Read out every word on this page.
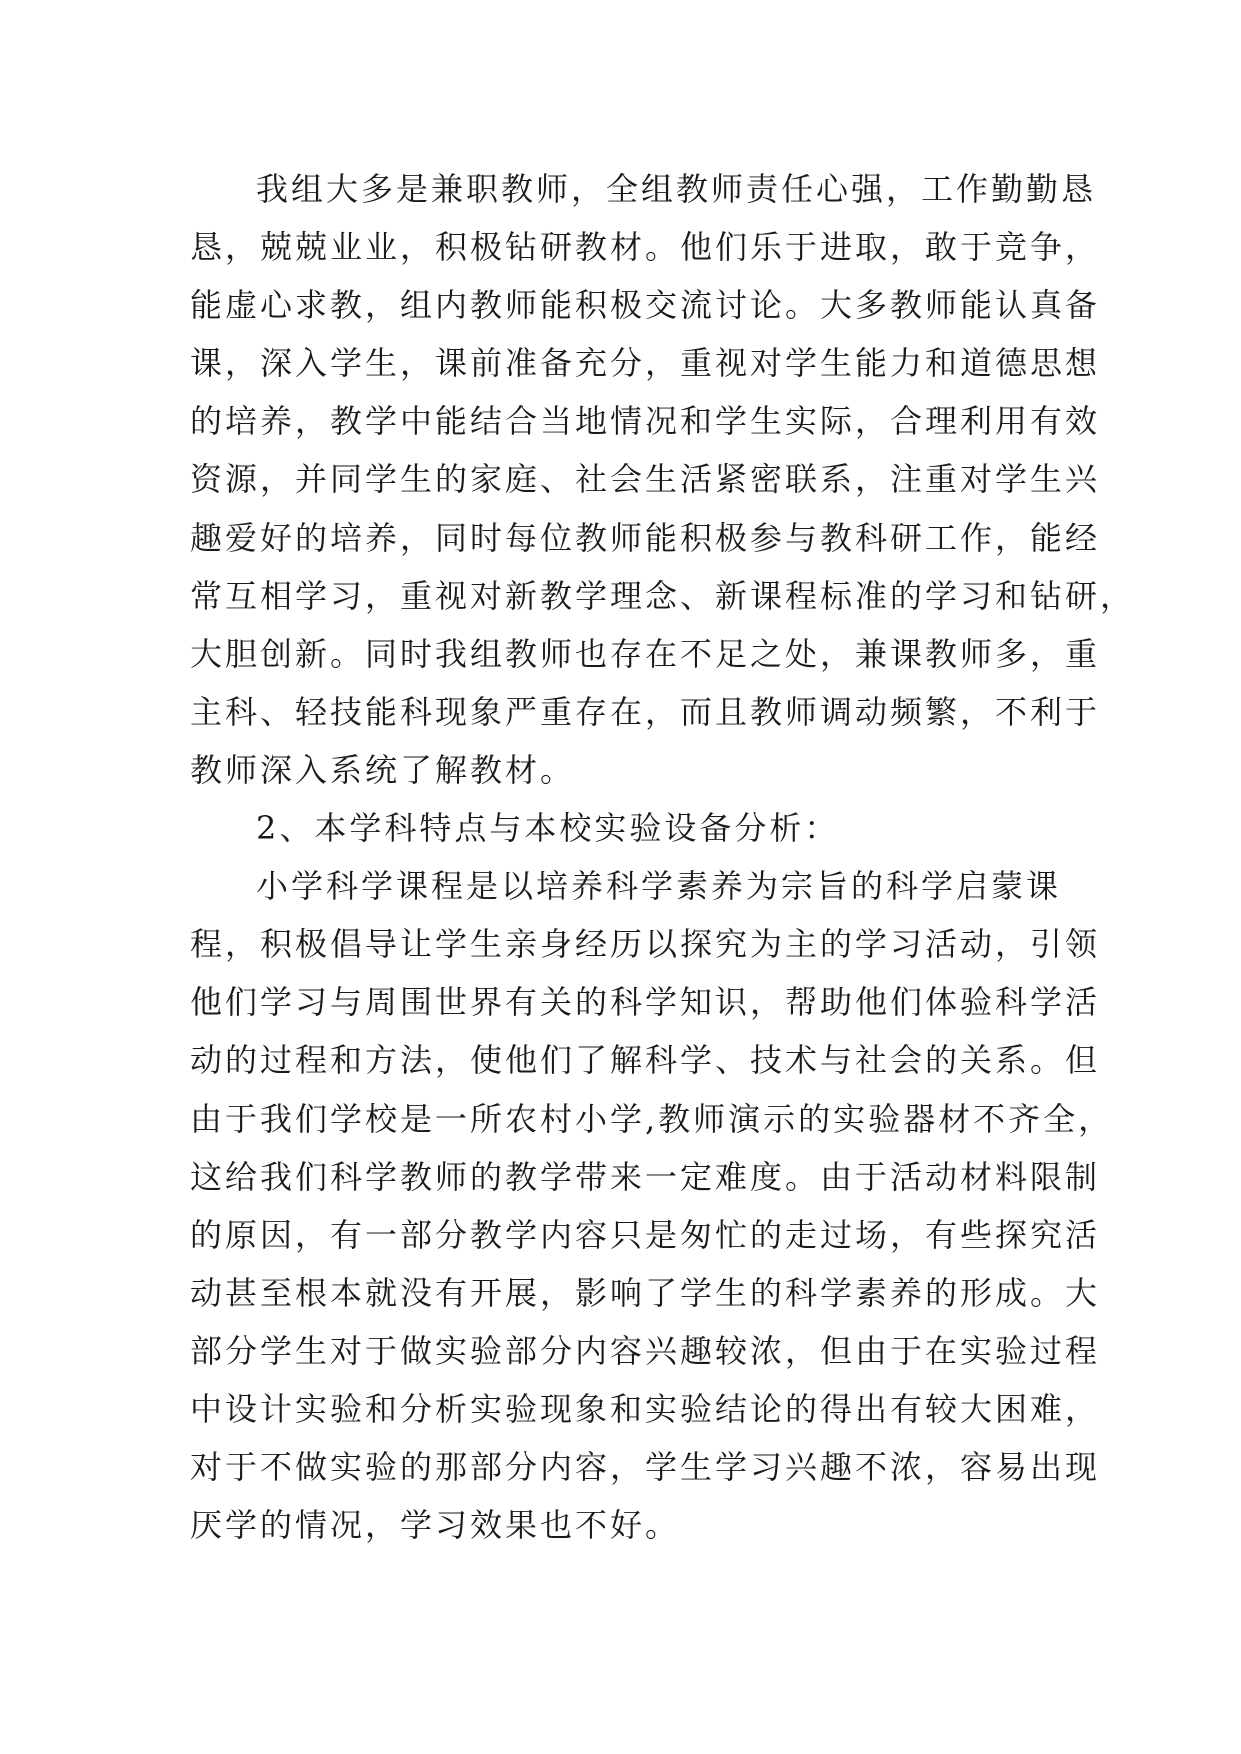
我组大多是兼职教师，全组教师责任心强，工作勤勤恳
恳，兢兢业业，积极钻研教材。他们乐于进取，敢于竞争，
能虚心求教，组内教师能积极交流讨论。大多教师能认真备
课，深入学生，课前准备充分，重视对学生能力和道德思想
的培养，教学中能结合当地情况和学生实际，合理利用有效
资源，并同学生的家庭、社会生活紧密联系，注重对学生兴
趣爱好的培养，同时每位教师能积极参与教科研工作，能经
常互相学习，重视对新教学理念、新课程标准的学习和钻研，
大胆创新。同时我组教师也存在不足之处，兼课教师多，重
主科、轻技能科现象严重存在，而且教师调动频繁，不利于
教师深入系统了解教材。
2、本学科特点与本校实验设备分析：
小学科学课程是以培养科学素养为宗旨的科学启蒙课
程，积极倡导让学生亲身经历以探究为主的学习活动，引领
他们学习与周围世界有关的科学知识，帮助他们体验科学活
动的过程和方法，使他们了解科学、技术与社会的关系。但
由于我们学校是一所农村小学,教师演示的实验器材不齐全，
这给我们科学教师的教学带来一定难度。由于活动材料限制
的原因，有一部分教学内容只是匆忙的走过场，有些探究活
动甚至根本就没有开展，影响了学生的科学素养的形成。大
部分学生对于做实验部分内容兴趣较浓，但由于在实验过程
中设计实验和分析实验现象和实验结论的得出有较大困难，
对于不做实验的那部分内容，学生学习兴趣不浓，容易出现
厌学的情况，学习效果也不好。
